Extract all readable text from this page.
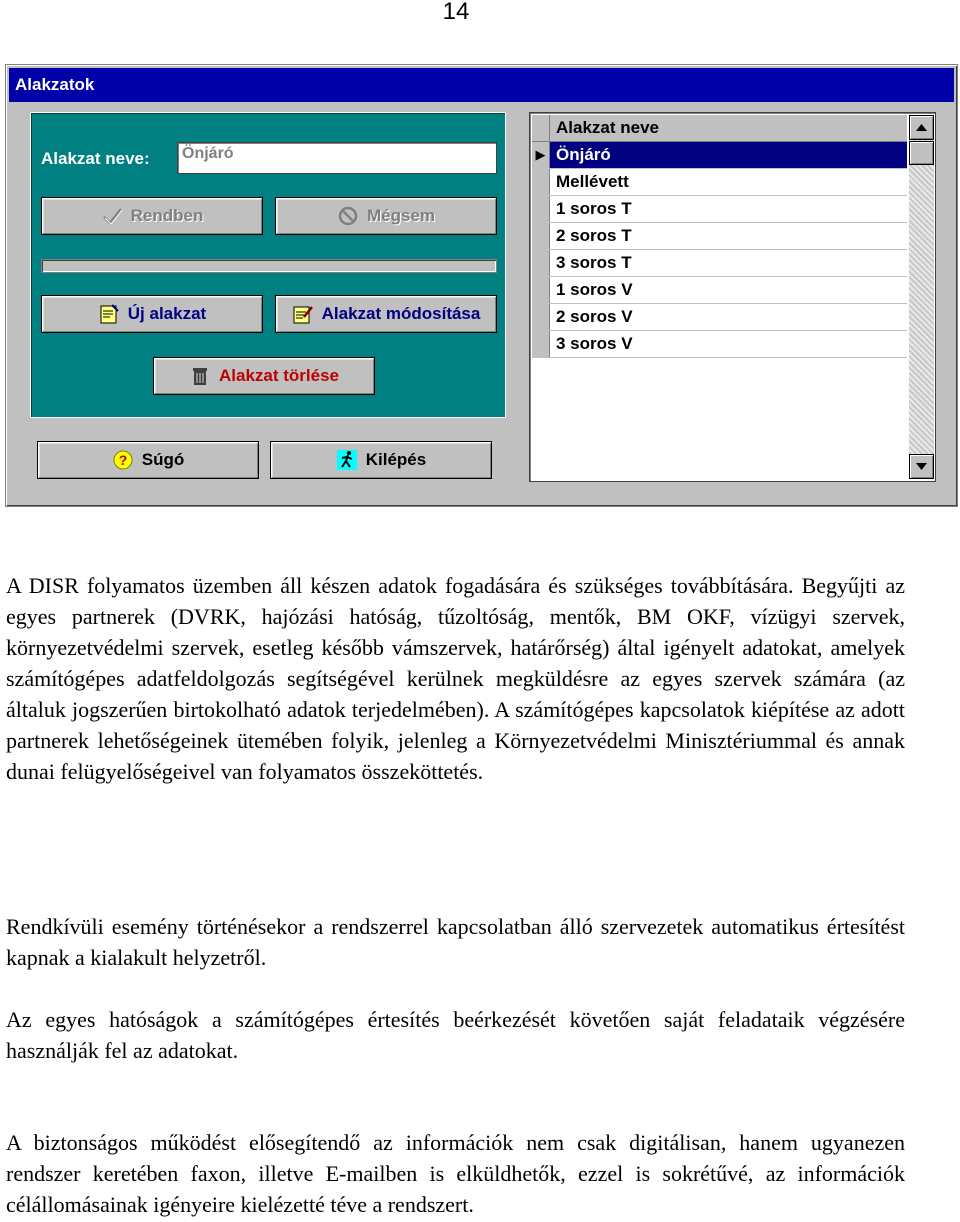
14
Alakzatok
Alakzat neve:	Önjáró
Rendben	Mégsem
Új alakzat	Alakzat módosítása
Alakzat törlése
? Súgó	Kilépés
Alakzat neve
▶ Önjáró
Mellévett
1 soros T
2 soros T
3 soros T
1 soros V
2 soros V
3 soros V

A DISR folyamatos üzemben áll készen adatok fogadására és szükséges továbbítására. Begyűjti az egyes partnerek (DVRK, hajózási hatóság, tűzoltóság, mentők, BM OKF, vízügyi szervek, környezetvédelmi szervek, esetleg később vámszervek, határőrség) által igényelt adatokat, amelyek számítógépes adatfeldolgozás segítségével kerülnek megküldésre az egyes szervek számára (az általuk jogszerűen birtokolható adatok terjedelmében). A számítógépes kapcsolatok kiépítése az adott partnerek lehetőségeinek ütemében folyik, jelenleg a Környezetvédelmi Minisztériummal és annak dunai felügyelőségeivel van folyamatos összeköttetés.

Rendkívüli esemény történésekor a rendszerrel kapcsolatban álló szervezetek automatikus értesítést kapnak a kialakult helyzetről.

Az egyes hatóságok a számítógépes értesítés beérkezését követően saját feladataik végzésére használják fel az adatokat.

A biztonságos működést elősegítendő az információk nem csak digitálisan, hanem ugyanezen rendszer keretében faxon, illetve E-mailben is elküldhetők, ezzel is sokrétűvé, az információk célállomásainak igényeire kielézetté téve a rendszert.
